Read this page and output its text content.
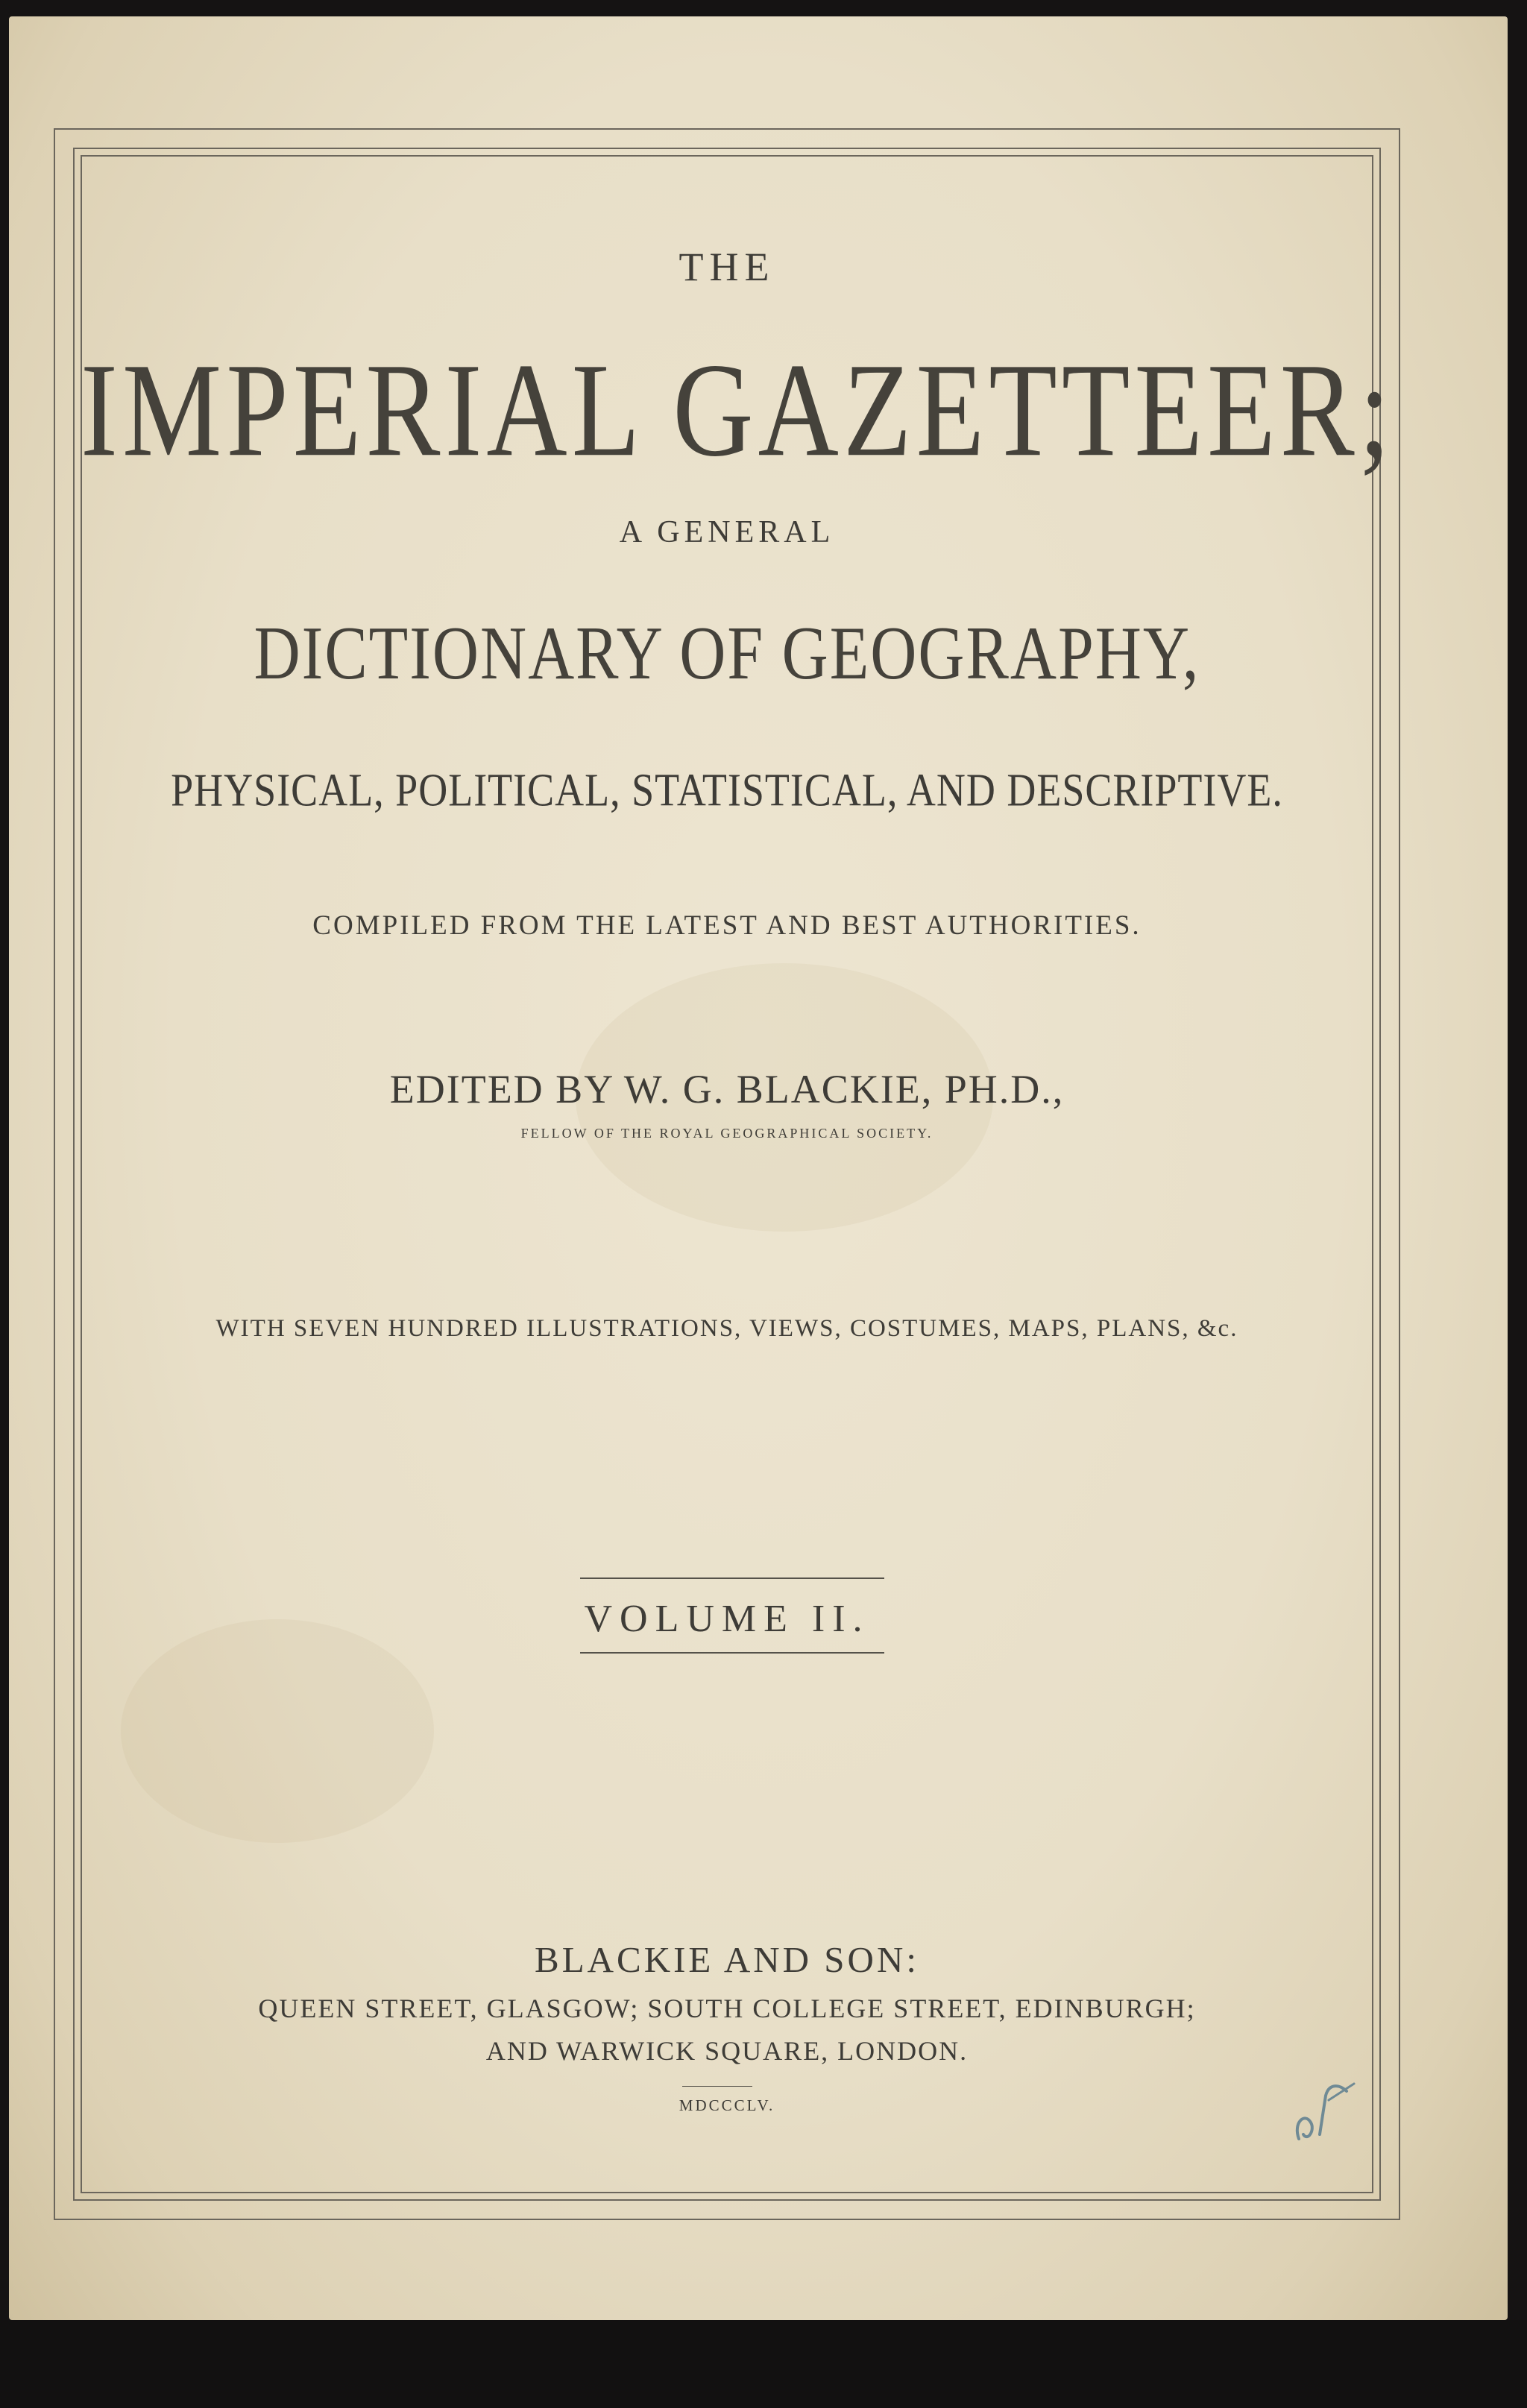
THE
IMPERIAL GAZETTEER;
A GENERAL
DICTIONARY OF GEOGRAPHY,
PHYSICAL, POLITICAL, STATISTICAL, AND DESCRIPTIVE.
COMPILED FROM THE LATEST AND BEST AUTHORITIES.
EDITED BY W. G. BLACKIE, PH.D.,
FELLOW OF THE ROYAL GEOGRAPHICAL SOCIETY.
WITH SEVEN HUNDRED ILLUSTRATIONS, VIEWS, COSTUMES, MAPS, PLANS, &c.
VOLUME II.
BLACKIE AND SON:
QUEEN STREET, GLASGOW; SOUTH COLLEGE STREET, EDINBURGH;
AND WARWICK SQUARE, LONDON.
MDCCCLV.
